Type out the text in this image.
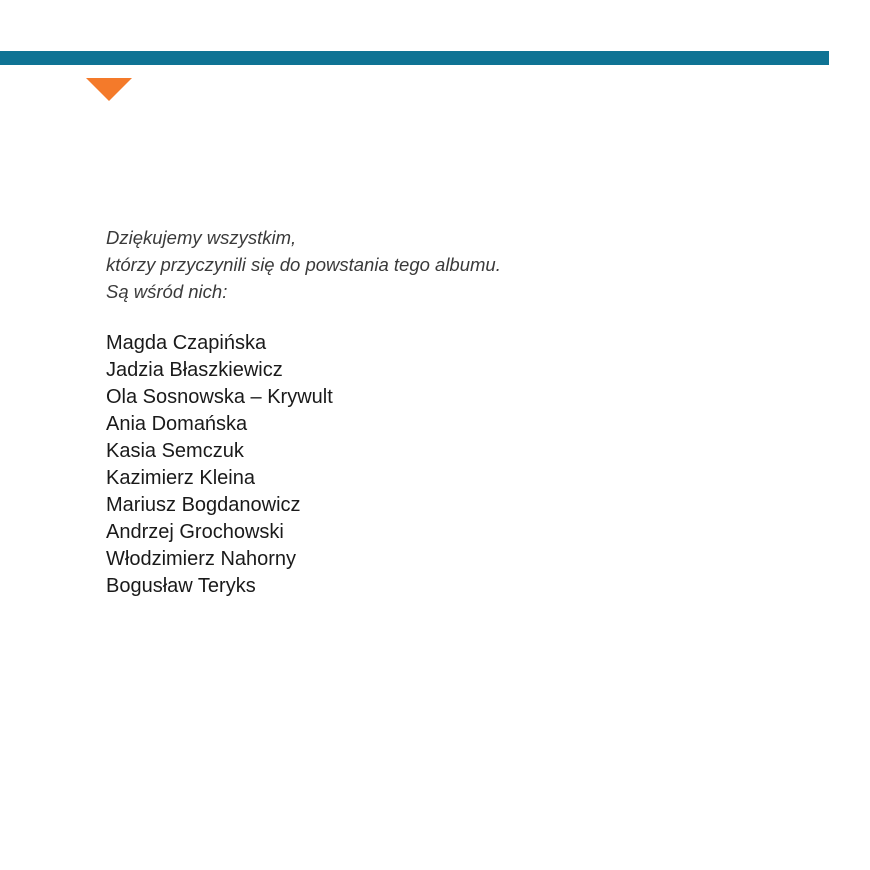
Dziękujemy wszystkim,
którzy przyczynili się do powstania tego albumu.
Są wśród nich:
Magda Czapińska
Jadzia Błaszkiewicz
Ola Sosnowska – Krywult
Ania Domańska
Kasia Semczuk
Kazimierz Kleina
Mariusz Bogdanowicz
Andrzej Grochowski
Włodzimierz Nahorny
Bogusław Teryks
